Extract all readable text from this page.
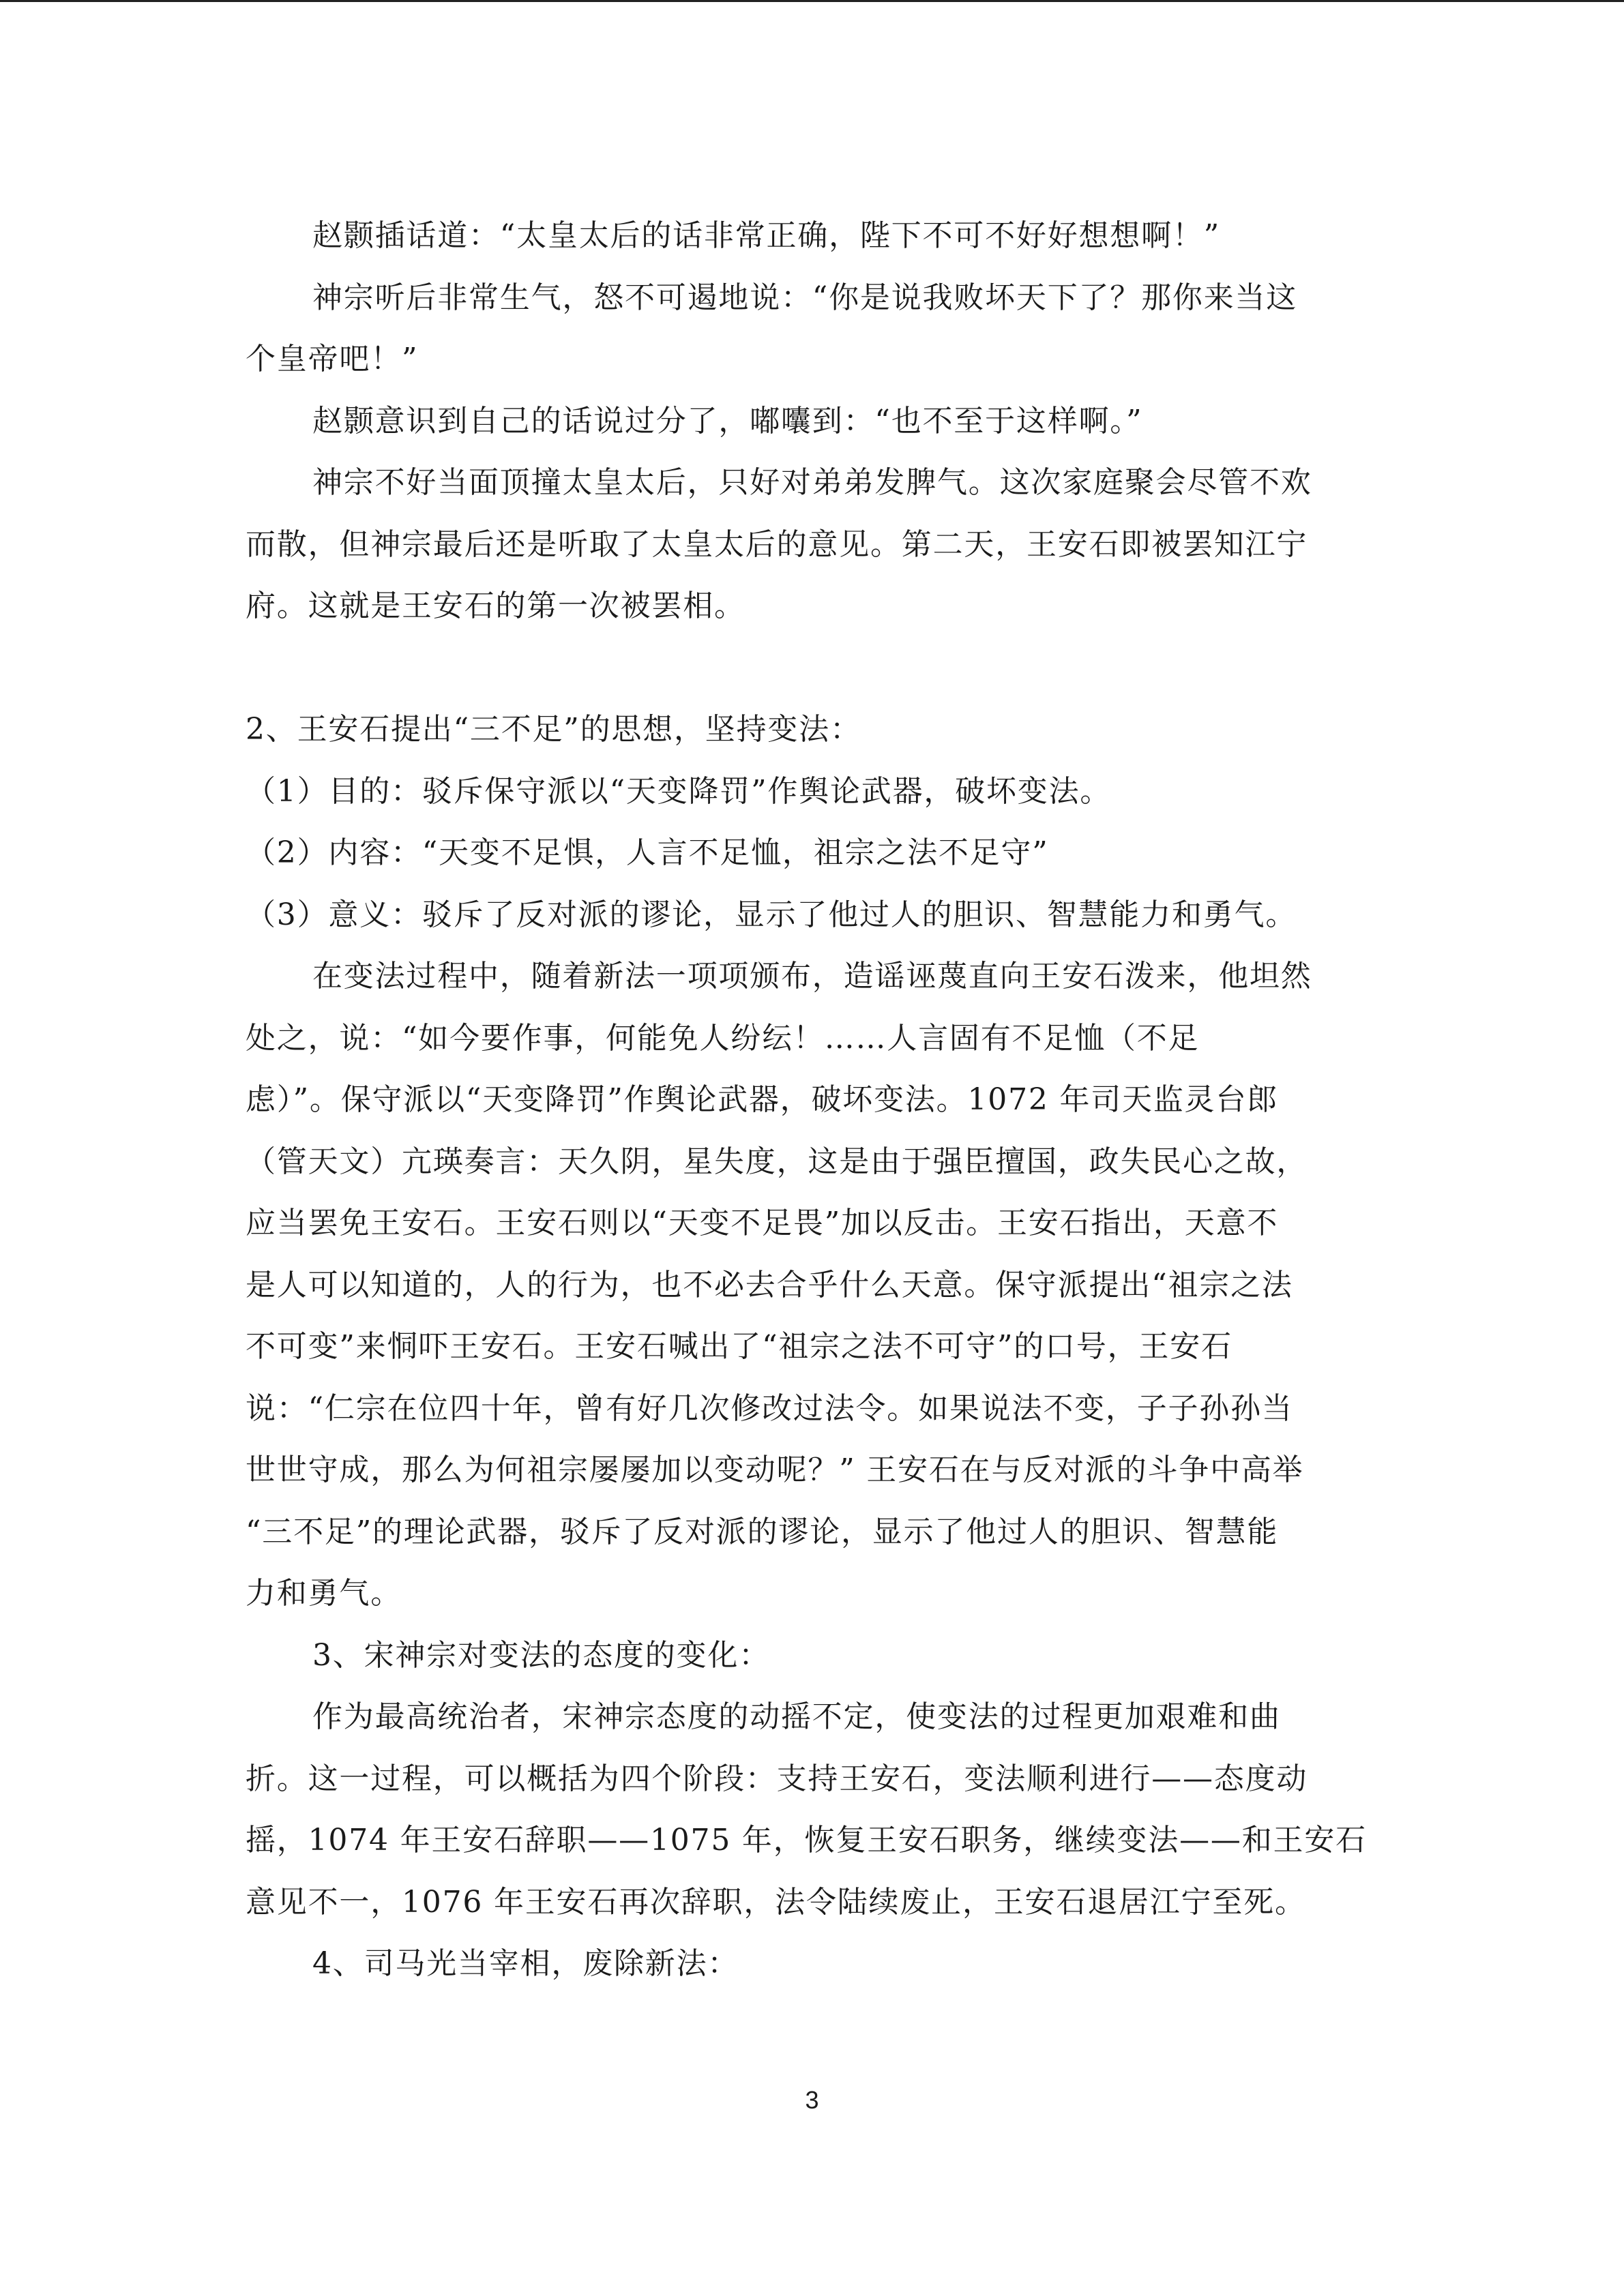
赵颢插话道：“太皇太后的话非常正确，陛下不可不好好想想啊！”
神宗听后非常生气，怒不可遏地说：“你是说我败坏天下了？那你来当这
个皇帝吧！”
赵颢意识到自己的话说过分了，嘟囔到：“也不至于这样啊。”
神宗不好当面顶撞太皇太后，只好对弟弟发脾气。这次家庭聚会尽管不欢
而散，但神宗最后还是听取了太皇太后的意见。第二天，王安石即被罢知江宁
府。这就是王安石的第一次被罢相。
2、王安石提出“三不足”的思想，坚持变法：
（1）目的：驳斥保守派以“天变降罚”作舆论武器，破坏变法。
（2）内容：“天变不足惧，人言不足恤，祖宗之法不足守”
（3）意义：驳斥了反对派的谬论，显示了他过人的胆识、智慧能力和勇气。
在变法过程中，随着新法一项项颁布，造谣诬蔑直向王安石泼来，他坦然
处之，说：“如今要作事，何能免人纷纭！……人言固有不足恤（不足
虑）”。保守派以“天变降罚”作舆论武器，破坏变法。1072 年司天监灵台郎
（管天文）亢瑛奏言：天久阴，星失度，这是由于强臣擅国，政失民心之故，
应当罢免王安石。王安石则以“天变不足畏”加以反击。王安石指出，天意不
是人可以知道的，人的行为，也不必去合乎什么天意。保守派提出“祖宗之法
不可变”来恫吓王安石。王安石喊出了“祖宗之法不可守”的口号，王安石
说：“仁宗在位四十年，曾有好几次修改过法令。如果说法不变，子子孙孙当
世世守成，那么为何祖宗屡屡加以变动呢？” 王安石在与反对派的斗争中高举
“三不足”的理论武器，驳斥了反对派的谬论，显示了他过人的胆识、智慧能
力和勇气。
3、宋神宗对变法的态度的变化：
作为最高统治者，宋神宗态度的动摇不定，使变法的过程更加艰难和曲
折。这一过程，可以概括为四个阶段：支持王安石，变法顺利进行——态度动
摇，1074 年王安石辞职——1075 年，恢复王安石职务，继续变法——和王安石
意见不一，1076 年王安石再次辞职，法令陆续废止，王安石退居江宁至死。
4、司马光当宰相，废除新法：
3
